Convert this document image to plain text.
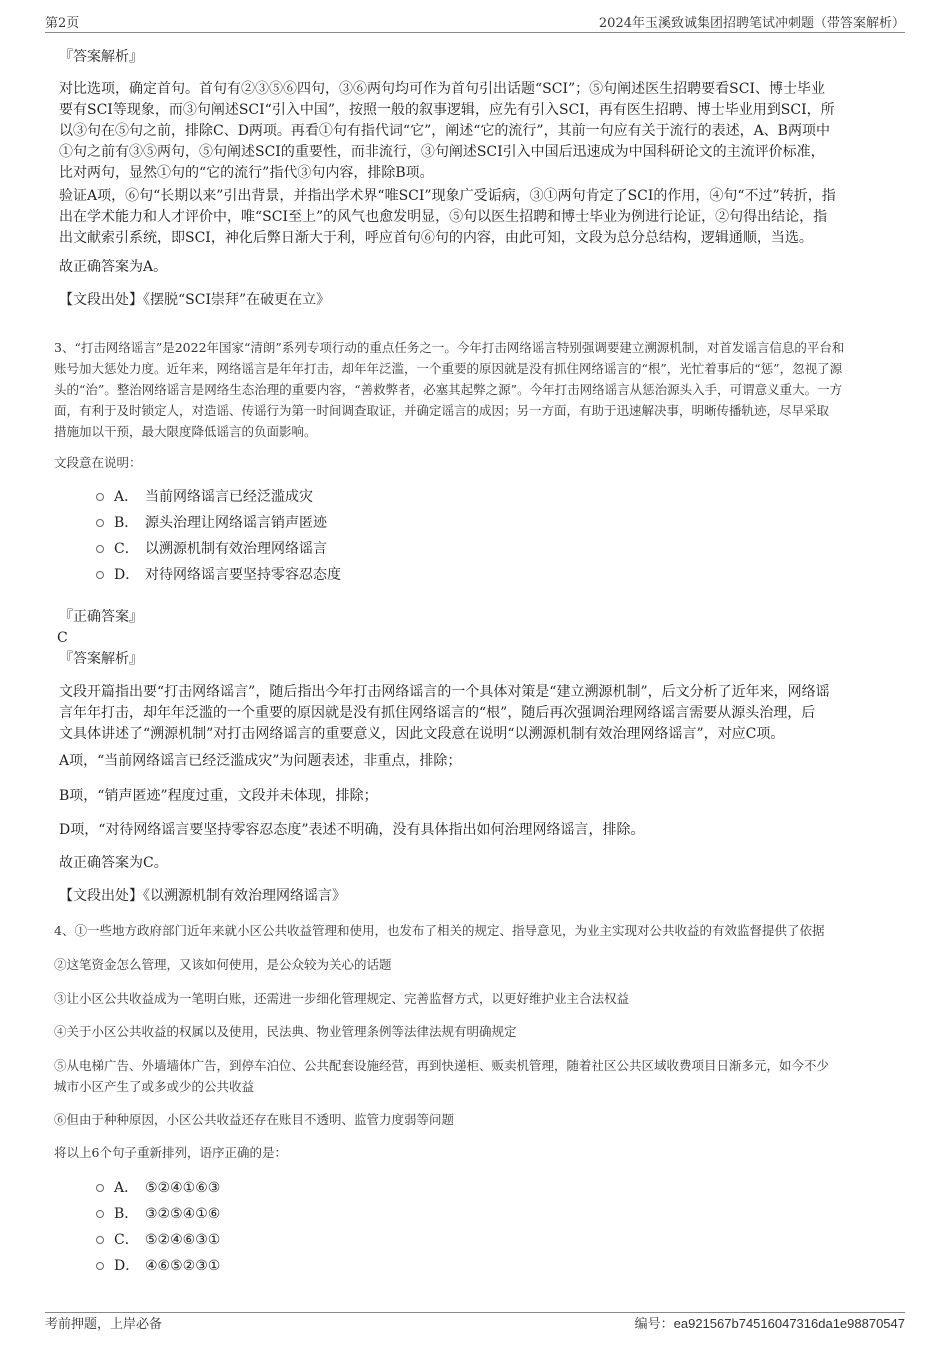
第2页	2024年玉溪致诚集团招聘笔试冲刺题（带答案解析）
『答案解析』
对比选项，确定首句。首句有②③⑤⑥四句，③⑥两句均可作为首句引出话题“SCI”；⑤句阐述医生招聘要看SCI、博士毕业
要有SCI等现象，而③句阐述SCI“引入中国”，按照一般的叙事逻辑，应先有引入SCI，再有医生招聘、博士毕业用到SCI，所
以③句在⑤句之前，排除C、D两项。再看①句有指代词“它”，阐述“它的流行”，其前一句应有关于流行的表述，A、B两项中
①句之前有③⑤两句，⑤句阐述SCI的重要性，而非流行，③句阐述SCI引入中国后迅速成为中国科研论文的主流评价标准，
比对两句，显然①句的“它的流行”指代③句内容，排除B项。
验证A项，⑥句“长期以来”引出背景，并指出学术界“唯SCI”现象广受诟病，③①两句肯定了SCI的作用，④句“不过”转折，指
出在学术能力和人才评价中，唯“SCI至上”的风气也愈发明显，⑤句以医生招聘和博士毕业为例进行论证，②句得出结论，指
出文献索引系统，即SCI，神化后弊日渐大于利，呼应首句⑥句的内容，由此可知，文段为总分总结构，逻辑通顺，当选。
故正确答案为A。
【文段出处】《摆脱“SCI崇拜”在破更在立》
3、“打击网络谣言”是2022年国家“清朗”系列专项行动的重点任务之一。今年打击网络谣言特别强调要建立溯源机制，对首发谣言信息的平台和
账号加大惩处力度。近年来，网络谣言是年年打击，却年年泛滥，一个重要的原因就是没有抓住网络谣言的“根”，光忙着事后的“惩”，忽视了源
头的“治”。整治网络谣言是网络生态治理的重要内容，“善救弊者，必塞其起弊之源”。今年打击网络谣言从惩治源头入手，可谓意义重大。一方
面，有利于及时锁定人，对造谣、传谣行为第一时间调查取证，并确定谣言的成因；另一方面，有助于迅速解决事，明晰传播轨迹，尽早采取
措施加以干预，最大限度降低谣言的负面影响。
文段意在说明：
A． 当前网络谣言已经泛滥成灾
B． 源头治理让网络谣言销声匿迹
C． 以溯源机制有效治理网络谣言
D． 对待网络谣言要坚持零容忍态度
『正确答案』
C
『答案解析』
文段开篇指出要“打击网络谣言”，随后指出今年打击网络谣言的一个具体对策是“建立溯源机制”，后文分析了近年来，网络谣
言年年打击，却年年泛滥的一个重要的原因就是没有抓住网络谣言的“根”，随后再次强调治理网络谣言需要从源头治理，后
文具体讲述了“溯源机制”对打击网络谣言的重要意义，因此文段意在说明“以溯源机制有效治理网络谣言”，对应C项。
A项，“当前网络谣言已经泛滥成灾”为问题表述，非重点，排除；
B项，“销声匿迹”程度过重，文段并未体现，排除；
D项，“对待网络谣言要坚持零容忍态度”表述不明确，没有具体指出如何治理网络谣言，排除。
故正确答案为C。
【文段出处】《以溯源机制有效治理网络谣言》
4、①一些地方政府部门近年来就小区公共收益管理和使用，也发布了相关的规定、指导意见，为业主实现对公共收益的有效监督提供了依据
②这笔资金怎么管理，又该如何使用，是公众较为关心的话题
③让小区公共收益成为一笔明白账，还需进一步细化管理规定、完善监督方式，以更好维护业主合法权益
④关于小区公共收益的权属以及使用，民法典、物业管理条例等法律法规有明确规定
⑤从电梯广告、外墙墙体广告，到停车泊位、公共配套设施经营，再到快递柜、贩卖机管理，随着社区公共区域收费项目日渐多元，如今不少
城市小区产生了或多或少的公共收益
⑥但由于种种原因，小区公共收益还存在账目不透明、监管力度弱等问题
将以上6个句子重新排列，语序正确的是：
A． ⑤②④①⑥③
B． ③②⑤④①⑥
C． ⑤②④⑥③①
D． ④⑥⑤②③①
考前押题，上岸必备	编号：ea921567b74516047316da1e98870547
